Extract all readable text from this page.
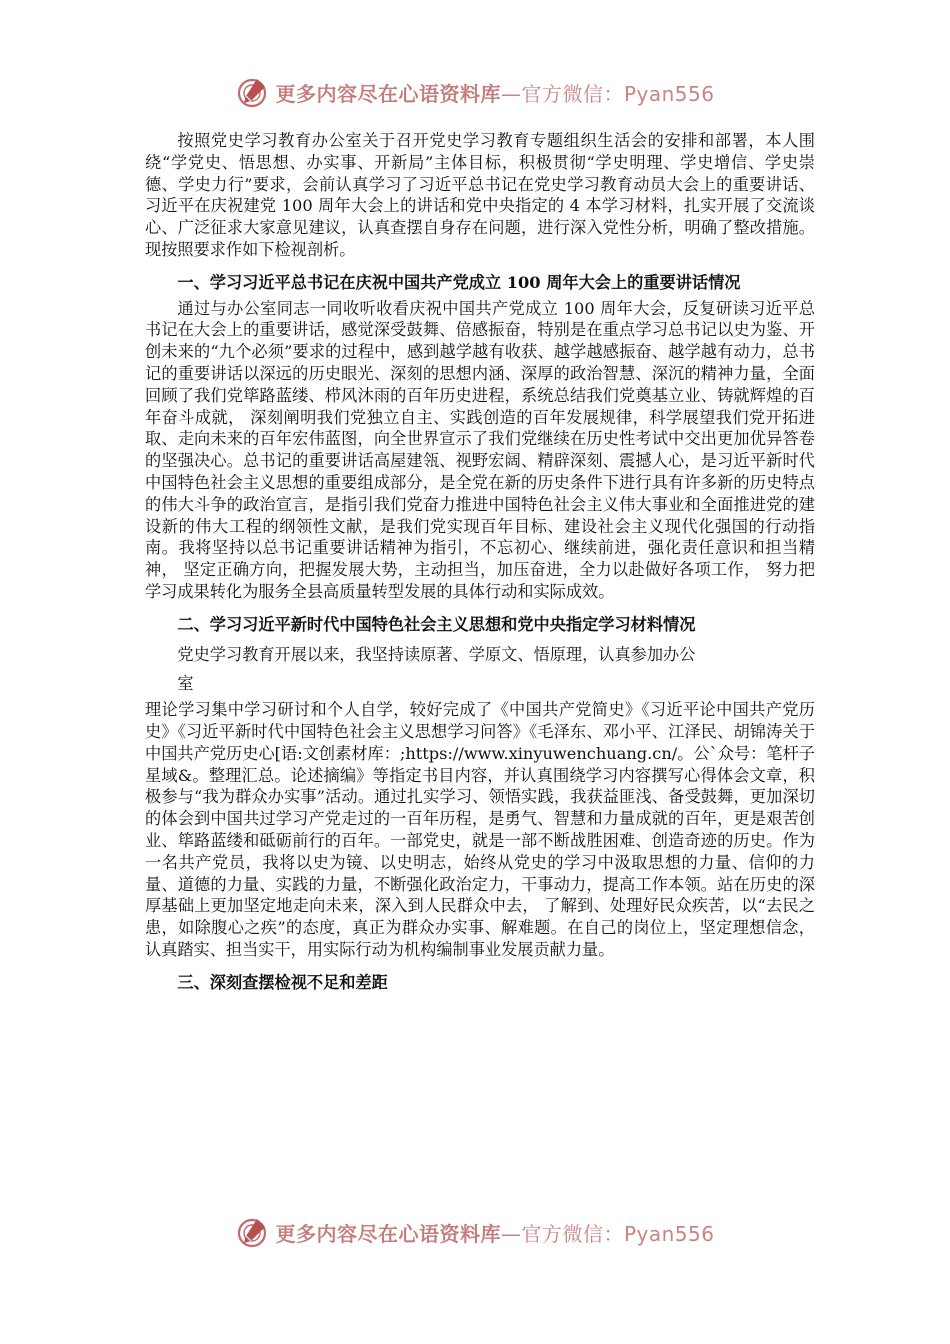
更多内容尽在心语资料库—官方微信：Pyan556

按照党史学习教育办公室关于召开党史学习教育专题组织生活会的安排和部署，本人围绕“学党史、悟思想、办实事、开新局”主体目标，积极贯彻“学史明理、学史增信、学史崇德、学史力行”要求，会前认真学习了习近平总书记在党史学习教育动员大会上的重要讲话、习近平在庆祝建党 100 周年大会上的讲话和党中央指定的 4 本学习材料，扎实开展了交流谈心、广泛征求大家意见建议，认真查摆自身存在问题，进行深入党性分析，明确了整改措施。现按照要求作如下检视剖析。

一、学习习近平总书记在庆祝中国共产党成立 100 周年大会上的重要讲话情况

通过与办公室同志一同收听收看庆祝中国共产党成立 100 周年大会，反复研读习近平总书记在大会上的重要讲话，感觉深受鼓舞、倍感振奋，特别是在重点学习总书记以史为鉴、开创未来的“九个必须”要求的过程中，感到越学越有收获、越学越感振奋、越学越有动力，总书记的重要讲话以深远的历史眼光、深刻的思想内涵、深厚的政治智慧、深沉的精神力量，全面回顾了我们党筚路蓝缕、栉风沐雨的百年历史进程，系统总结我们党奠基立业、铸就辉煌的百年奋斗成就， 深刻阐明我们党独立自主、实践创造的百年发展规律，科学展望我们党开拓进取、走向未来的百年宏伟蓝图，向全世界宣示了我们党继续在历史性考试中交出更加优异答卷的坚强决心。总书记的重要讲话高屋建瓴、视野宏阔、精辟深刻、震撼人心，是习近平新时代中国特色社会主义思想的重要组成部分，是全党在新的历史条件下进行具有许多新的历史特点的伟大斗争的政治宣言，是指引我们党奋力推进中国特色社会主义伟大事业和全面推进党的建设新的伟大工程的纲领性文献，是我们党实现百年目标、建设社会主义现代化强国的行动指南。我将坚持以总书记重要讲话精神为指引，不忘初心、继续前进，强化责任意识和担当精神， 坚定正确方向，把握发展大势，主动担当，加压奋进，全力以赴做好各项工作， 努力把学习成果转化为服务全县高质量转型发展的具体行动和实际成效。

二、学习习近平新时代中国特色社会主义思想和党中央指定学习材料情况

党史学习教育开展以来，我坚持读原著、学原文、悟原理，认真参加办公

室

理论学习集中学习研讨和个人自学，较好完成了《中国共产党简史》《习近平论中国共产党历史》《习近平新时代中国特色社会主义思想学习问答》《毛泽东、邓小平、江泽民、胡锦涛关于中国共产党历史心[语:文创素材库：;https://www.xinyuwenchuang.cn/。公`众号：笔杆子星域&。整理汇总。论述摘编》等指定书目内容，并认真围绕学习内容撰写心得体会文章，积极参与“我为群众办实事”活动。通过扎实学习、领悟实践，我获益匪浅、备受鼓舞，更加深切的体会到中国共过学习产党走过的一百年历程，是勇气、智慧和力量成就的百年，更是艰苦创业、筚路蓝缕和砥砺前行的百年。一部党史，就是一部不断战胜困难、创造奇迹的历史。作为一名共产党员，我将以史为镜、以史明志，始终从党史的学习中汲取思想的力量、信仰的力量、道德的力量、实践的力量，不断强化政治定力，干事动力，提高工作本领。站在历史的深厚基础上更加坚定地走向未来，深入到人民群众中去， 了解到、处理好民众疾苦，以“去民之患，如除腹心之疾”的态度，真正为群众办实事、解难题。在自己的岗位上，坚定理想信念，认真踏实、担当实干，用实际行动为机构编制事业发展贡献力量。

三、深刻查摆检视不足和差距

更多内容尽在心语资料库—官方微信：Pyan556
